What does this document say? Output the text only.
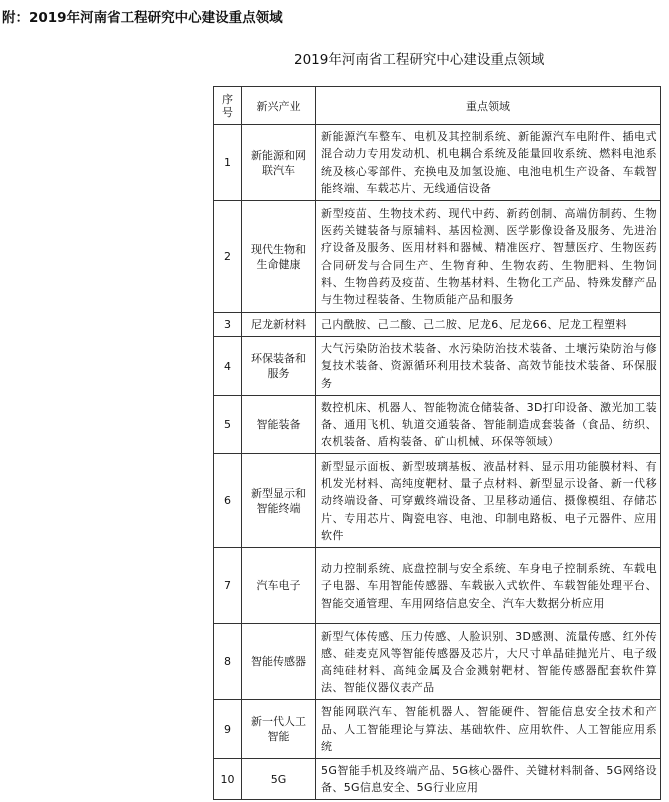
附：2019年河南省工程研究中心建设重点领域
2019年河南省工程研究中心建设重点领域
序号	新兴产业	重点领域
1	新能源和网联汽车	新能源汽车整车、电机及其控制系统、新能源汽车电附件、插电式混合动力专用发动机、机电耦合系统及能量回收系统、燃料电池系统及核心零部件、充换电及加氢设施、电池电机生产设备、车载智能终端、车载芯片、无线通信设备
2	现代生物和生命健康	新型疫苗、生物技术药、现代中药、新药创制、高端仿制药、生物医药关键装备与原辅料、基因检测、医学影像设备及服务、先进治疗设备及服务、医用材料和器械、精准医疗、智慧医疗、生物医药合同研发与合同生产、生物育种、生物农药、生物肥料、生物饲料、生物兽药及疫苗、生物基材料、生物化工产品、特殊发酵产品与生物过程装备、生物质能产品和服务
3	尼龙新材料	己内酰胺、己二酸、己二胺、尼龙6、尼龙66、尼龙工程塑料
4	环保装备和服务	大气污染防治技术装备、水污染防治技术装备、土壤污染防治与修复技术装备、资源循环利用技术装备、高效节能技术装备、环保服务
5	智能装备	数控机床、机器人、智能物流仓储装备、3D打印设备、激光加工装备、通用飞机、轨道交通装备、智能制造成套装备（食品、纺织、农机装备、盾构装备、矿山机械、环保等领域）
6	新型显示和智能终端	新型显示面板、新型玻璃基板、液晶材料、显示用功能膜材料、有机发光材料、高纯度靶材、量子点材料、新型显示设备、新一代移动终端设备、可穿戴终端设备、卫星移动通信、摄像模组、存储芯片、专用芯片、陶瓷电容、电池、印制电路板、电子元器件、应用软件
7	汽车电子	动力控制系统、底盘控制与安全系统、车身电子控制系统、车载电子电器、车用智能传感器、车载嵌入式软件、车载智能处理平台、智能交通管理、车用网络信息安全、汽车大数据分析应用
8	智能传感器	新型气体传感、压力传感、人脸识别、3D感测、流量传感、红外传感、硅麦克风等智能传感器及芯片，大尺寸单晶硅抛光片、电子级高纯硅材料、高纯金属及合金溅射靶材、智能传感器配套软件算法、智能仪器仪表产品
9	新一代人工智能	智能网联汽车、智能机器人、智能硬件、智能信息安全技术和产品、人工智能理论与算法、基础软件、应用软件、人工智能应用系统
10	5G	5G智能手机及终端产品、5G核心器件、关键材料制备、5G网络设备、5G信息安全、5G行业应用
